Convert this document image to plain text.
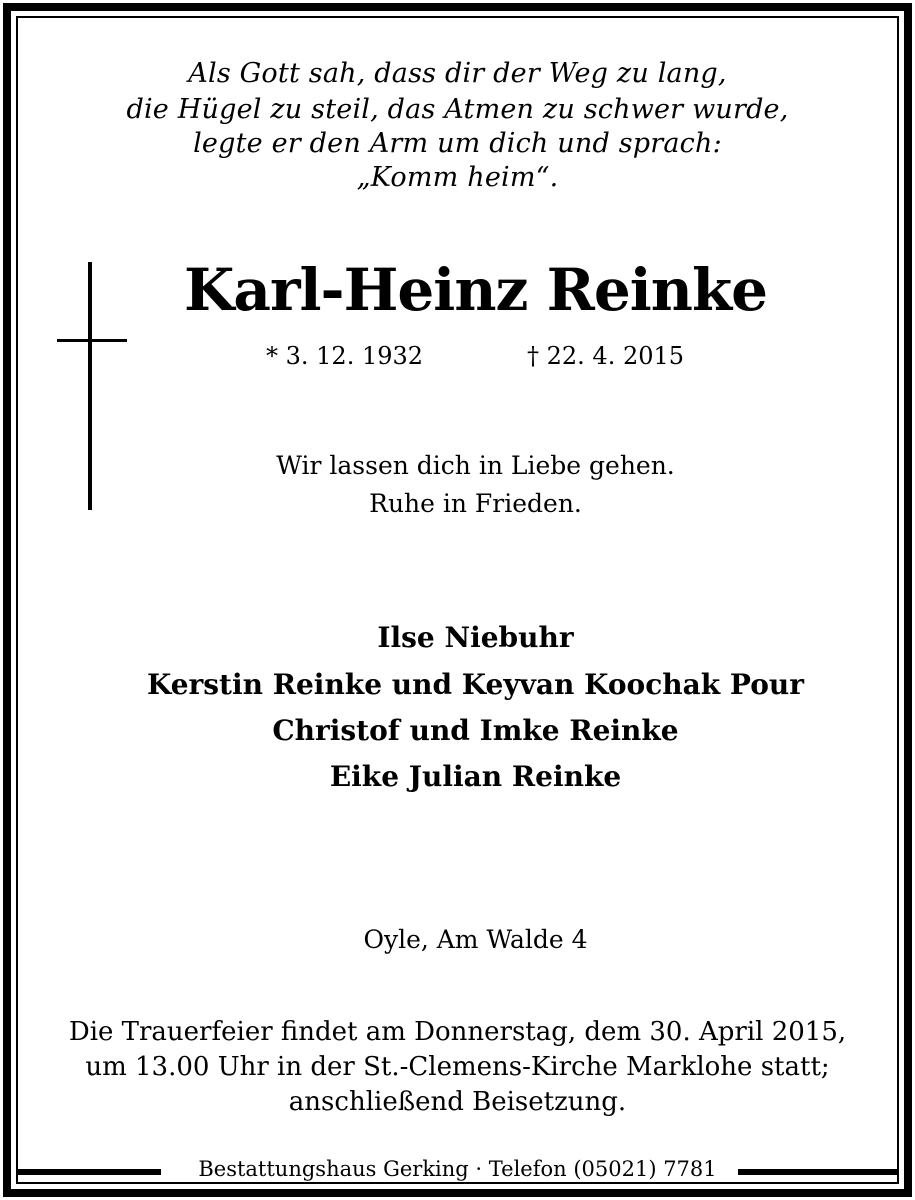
Als Gott sah, dass dir der Weg zu lang,
die Hügel zu steil, das Atmen zu schwer wurde,
legte er den Arm um dich und sprach:
„Komm heim“.
Karl-Heinz Reinke
* 3. 12. 1932	† 22. 4. 2015
Wir lassen dich in Liebe gehen.
Ruhe in Frieden.
Ilse Niebuhr
Kerstin Reinke und Keyvan Koochak Pour
Christof und Imke Reinke
Eike Julian Reinke
Oyle, Am Walde 4
Die Trauerfeier findet am Donnerstag, dem 30. April 2015,
um 13.00 Uhr in der St.-Clemens-Kirche Marklohe statt;
anschließend Beisetzung.
Bestattungshaus Gerking · Telefon (05021) 7781
